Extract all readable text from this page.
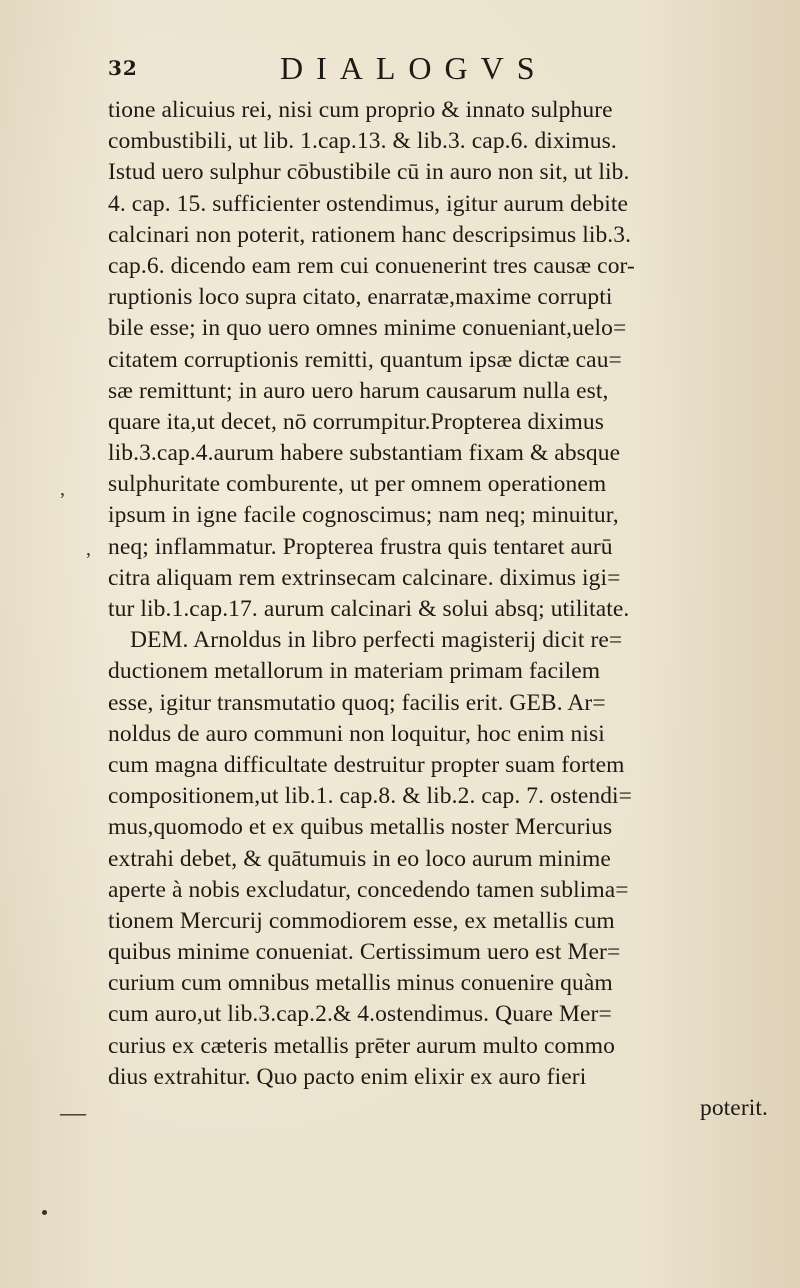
32	DIALOGVS
tione alicuius rei, nisi cum proprio & innato sulphure
combustibili, ut lib. 1.cap.13. & lib.3. cap.6. diximus.
Istud uero sulphur cōbustibile cū in auro non sit, ut lib.
4. cap. 15. sufficienter ostendimus, igitur aurum debite
calcinari non poterit, rationem hanc descripsimus lib.3.
cap.6. dicendo eam rem cui conuenerint tres causæ cor-
ruptionis loco supra citato, enarratæ,maxime corrupti
bile esse; in quo uero omnes minime conueniant,uelo=
citatem corruptionis remitti, quantum ipsæ dictæ cau=
sæ remittunt; in auro uero harum causarum nulla est,
quare ita,ut decet, nō corrumpitur.Propterea diximus
lib.3.cap.4.aurum habere substantiam fixam & absque
sulphuritate comburente, ut per omnem operationem
ipsum in igne facile cognoscimus; nam neq; minuitur,
neq; inflammatur. Propterea frustra quis tentaret aurū
citra aliquam rem extrinsecam calcinare. diximus igi=
tur lib.1.cap.17. aurum calcinari & solui absq; utilitate.
DEM. Arnoldus in libro perfecti magisterij dicit re=
ductionem metallorum in materiam primam facilem
esse, igitur transmutatio quoq; facilis erit. GEB. Ar=
noldus de auro communi non loquitur, hoc enim nisi
cum magna difficultate destruitur propter suam fortem
compositionem,ut lib.1. cap.8. & lib.2. cap. 7. ostendi=
mus,quomodo et ex quibus metallis noster Mercurius
extrahi debet, & quātumuis in eo loco aurum minime
aperte à nobis excludatur, concedendo tamen sublima=
tionem Mercurij commodiorem esse, ex metallis cum
quibus minime conueniat. Certissimum uero est Mer=
curium cum omnibus metallis minus conuenire quàm
cum auro,ut lib.3.cap.2.& 4.ostendimus. Quare Mer=
curius ex cæteris metallis prēter aurum multo commo
dius extrahitur. Quo pacto enim elixir ex auro fieri
poterit.
,
,
—
